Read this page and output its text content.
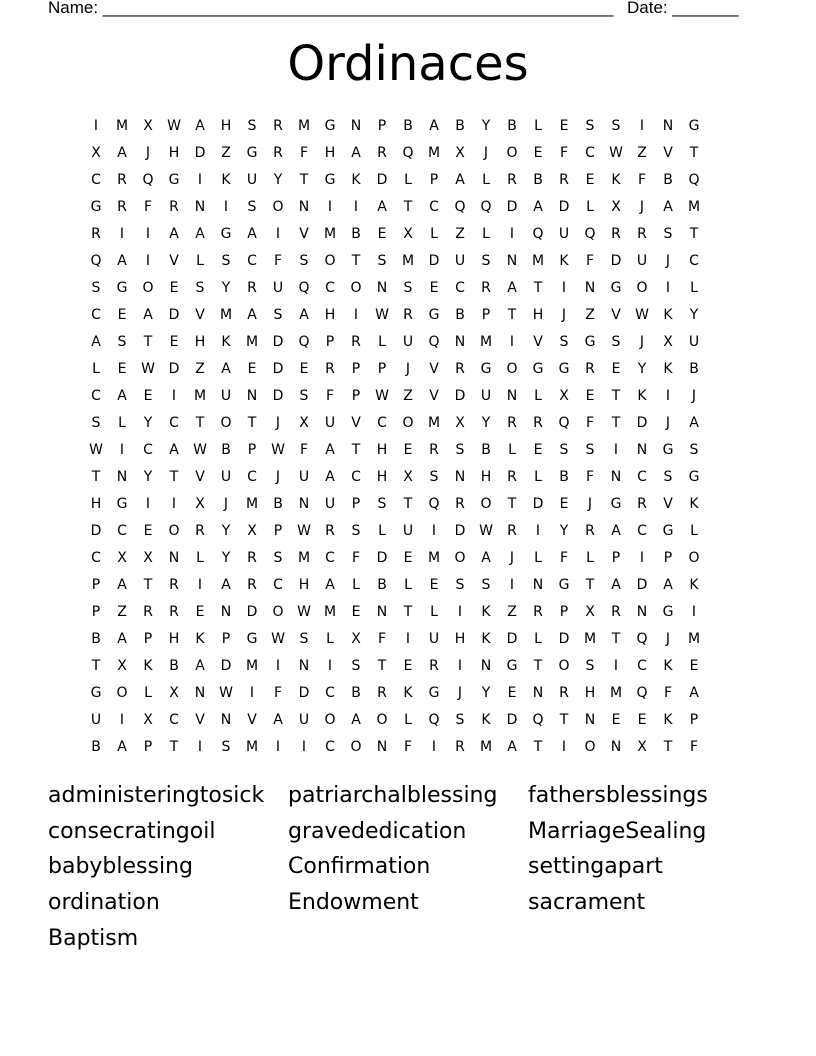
Name: ______________________________________________________ Date: _______
Ordinaces
I	M	X	W	A	H	S	R	M	G	N	P	B	A	B	Y	B	L	E	S	S	I	N	G
X	A	J	H	D	Z	G	R	F	H	A	R	Q	M	X	J	O	E	F	C	W	Z	V	T
C	R	Q	G	I	K	U	Y	T	G	K	D	L	P	A	L	R	B	R	E	K	F	B	Q
G	R	F	R	N	I	S	O	N	I	I	A	T	C	Q	Q	D	A	D	L	X	J	A	M
R	I	I	A	A	G	A	I	V	M	B	E	X	L	Z	L	I	Q	U	Q	R	R	S	T
Q	A	I	V	L	S	C	F	S	O	T	S	M	D	U	S	N	M	K	F	D	U	J	C
S	G	O	E	S	Y	R	U	Q	C	O	N	S	E	C	R	A	T	I	N	G	O	I	L
C	E	A	D	V	M	A	S	A	H	I	W	R	G	B	P	T	H	J	Z	V	W	K	Y
A	S	T	E	H	K	M	D	Q	P	R	L	U	Q	N	M	I	V	S	G	S	J	X	U
L	E	W D	Z	A	E	D	E	R	P	P	J	V	R	G	O	G	G	R	E	Y	K	B
C	A	E	I	M	U	N	D	S	F	P	W	Z	V	D	U	N	L	X	E	T	K	I	J
S	L	Y	C	T	O	T	J	X	U	V	C	O	M	X	Y	R	R	Q	F	T	D	J	A
W	I	C	A	W	B	P	W	F	A	T	H	E	R	S	B	L	E	S	S	I	N	G	S
T	N	Y	T	V	U	C	J	U	A	C	H	X	S	N	H	R	L	B	F	N	C	S	G
H	G	I	I	X	J	M	B	N	U	P	S	T	Q	R	O	T	D	E	J	G	R	V	K
D	C	E	O	R	Y	X	P	W	R	S	L	U	I	D W	R	I	Y	R	A	C	G	L
C	X	X	N	L	Y	R	S	M	C	F	D	E	M	O	A	J	L	F	L	P	I	P	O
P	A	T	R	I	A	R	C	H	A	L	B	L	E	S	S	I	N	G	T	A	D	A	K
P	Z	R	R	E	N	D	O W M	E	N	T	L	I	K	Z	R	P	X	R	N	G	I
B	A	P	H	K	P	G W	S	L	X	F	I	U	H	K	D	L	D	M	T	Q	J	M
T	X	K	B	A	D	M	I	N	I	S	T	E	R	I	N	G	T	O	S	I	C	K	E
G	O	L	X	N W	I	F	D	C	B	R	K	G	J	Y	E	N	R	H	M	Q	F	A
U	I	X	C	V	N	V	A	U	O	A	O	L	Q	S	K	D	Q	T	N	E	E	K	P
B	A	P	T	I	S	M	I	I	C	O	N	F	I	R	M	A	T	I	O	N	X	T	F
administeringtosick	patriarchalblessing	fathersblessings
consecratingoil	gravededication	MarriageSealing
babyblessing	Confirmation	settingapart
ordination	Endowment	sacrament
Baptism
